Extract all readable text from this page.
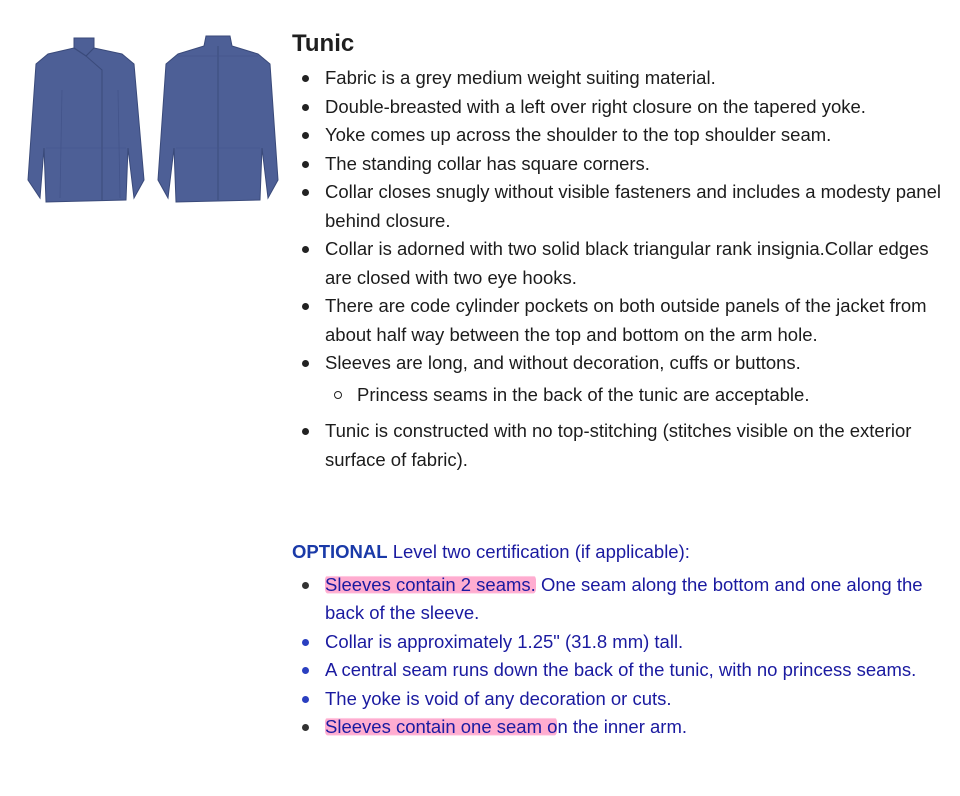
Tunic
Fabric is a grey medium weight suiting material.
Double-breasted with a left over right closure on the tapered yoke.
Yoke comes up across the shoulder to the top shoulder seam.
The standing collar has square corners.
Collar closes snugly without visible fasteners and includes a modesty panel behind closure.
Collar is adorned with two solid black triangular rank insignia.Collar edges are closed with two eye hooks.
There are code cylinder pockets on both outside panels of the jacket from about half way between the top and bottom on the arm hole.
Sleeves are long, and without decoration, cuffs or buttons.
Princess seams in the back of the tunic are acceptable.
Tunic is constructed with no top-stitching (stitches visible on the exterior surface of fabric).
OPTIONAL Level two certification (if applicable):
Sleeves contain 2 seams. One seam along the bottom and one along the back of the sleeve.
Collar is approximately 1.25" (31.8 mm) tall.
A central seam runs down the back of the tunic, with no princess seams.
The yoke is void of any decoration or cuts.
Sleeves contain one seam on the inner arm.
